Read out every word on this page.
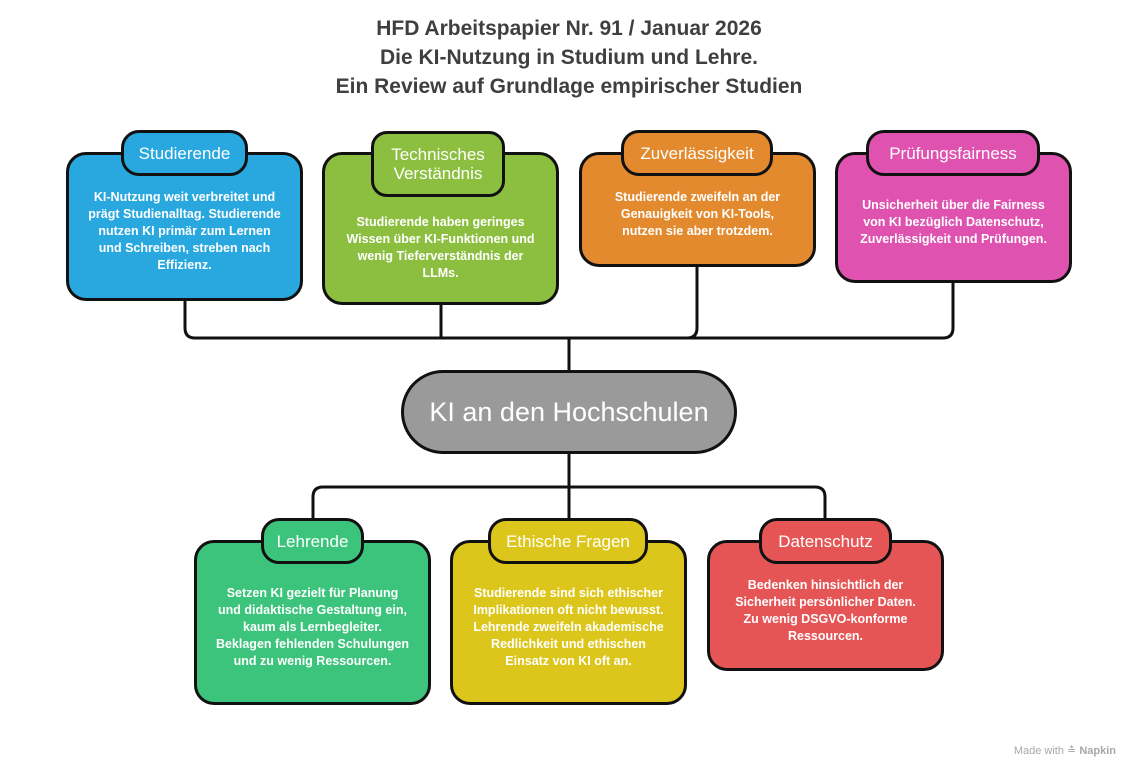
HFD Arbeitspapier Nr. 91 / Januar 2026
Die KI-Nutzung in Studium und Lehre.
Ein Review auf Grundlage empirischer Studien
KI-Nutzung weit verbreitet und prägt Studienalltag. Studierende nutzen KI primär zum Lernen und Schreiben, streben nach Effizienz.
Studierende
Studierende haben geringes Wissen über KI-Funktionen und wenig Tieferverständnis der LLMs.
Technisches Verständnis
Studierende zweifeln an der Genauigkeit von KI-Tools, nutzen sie aber trotzdem.
Zuverlässigkeit
Unsicherheit über die Fairness von KI bezüglich Datenschutz, Zuverlässigkeit und Prüfungen.
Prüfungsfairness
KI an den Hochschulen
Setzen KI gezielt für Planung und didaktische Gestaltung ein, kaum als Lernbegleiter. Beklagen fehlenden Schulungen und zu wenig Ressourcen.
Lehrende
Studierende sind sich ethischer Implikationen oft nicht bewusst. Lehrende zweifeln akademische Redlichkeit und ethischen Einsatz von KI oft an.
Ethische Fragen
Bedenken hinsichtlich der Sicherheit persönlicher Daten. Zu wenig DSGVO-konforme Ressourcen.
Datenschutz
Made with ≛ Napkin
